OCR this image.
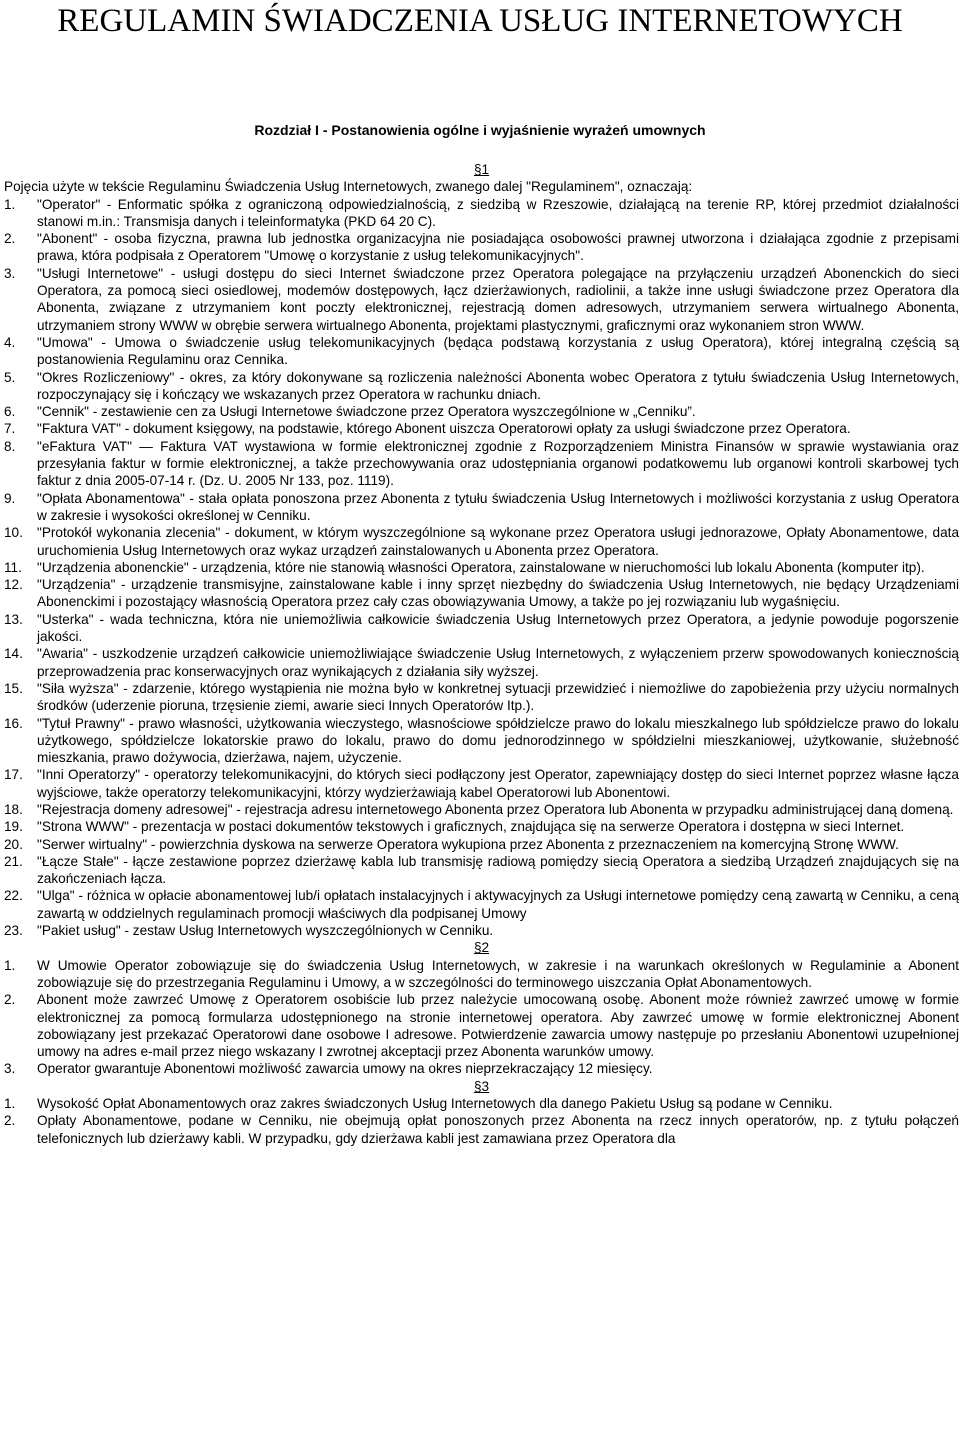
REGULAMIN ŚWIADCZENIA USŁUG INTERNETOWYCH
Rozdział I - Postanowienia ogólne i wyjaśnienie wyrażeń umownych
§1
Pojęcia użyte w tekście Regulaminu Świadczenia Usług Internetowych, zwanego dalej "Regulaminem", oznaczają:
1. "Operator" - Enformatic spółka z ograniczoną odpowiedzialnością, z siedzibą w Rzeszowie, działającą na terenie RP, której przedmiot działalności stanowi m.in.: Transmisja danych i teleinformatyka (PKD 64 20 C).
2. "Abonent" - osoba fizyczna, prawna lub jednostka organizacyjna nie posiadająca osobowości prawnej utworzona i działająca zgodnie z przepisami prawa, która podpisała z Operatorem "Umowę o korzystanie z usług telekomunikacyjnych".
3. "Usługi Internetowe" - usługi dostępu do sieci Internet świadczone przez Operatora polegające na przyłączeniu urządzeń Abonenckich do sieci Operatora, za pomocą sieci osiedlowej, modemów dostępowych, łącz dzierżawionych, radiolinii, a także inne usługi świadczone przez Operatora dla Abonenta, związane z utrzymaniem kont poczty elektronicznej, rejestracją domen adresowych, utrzymaniem serwera wirtualnego Abonenta, utrzymaniem strony WWW w obrębie serwera wirtualnego Abonenta, projektami plastycznymi, graficznymi oraz wykonaniem stron WWW.
4. "Umowa" - Umowa o świadczenie usług telekomunikacyjnych (będąca podstawą korzystania z usług Operatora), której integralną częścią są postanowienia Regulaminu oraz Cennika.
5. "Okres Rozliczeniowy" - okres, za który dokonywane są rozliczenia należności Abonenta wobec Operatora z tytułu świadczenia Usług Internetowych, rozpoczynający się i kończący we wskazanych przez Operatora w rachunku dniach.
6. "Cennik" - zestawienie cen za Usługi Internetowe świadczone przez Operatora wyszczególnione w „Cenniku”.
7. "Faktura VAT" - dokument księgowy, na podstawie, którego Abonent uiszcza Operatorowi opłaty za usługi świadczone przez Operatora.
8. "eFaktura VAT" — Faktura VAT wystawiona w formie elektronicznej zgodnie z Rozporządzeniem Ministra Finansów w sprawie wystawiania oraz przesyłania faktur w formie elektronicznej, a także przechowywania oraz udostępniania organowi podatkowemu lub organowi kontroli skarbowej tych faktur z dnia 2005-07-14 r. (Dz. U. 2005 Nr 133, poz. 1119).
9. "Opłata Abonamentowa" - stała opłata ponoszona przez Abonenta z tytułu świadczenia Usług Internetowych i możliwości korzystania z usług Operatora w zakresie i wysokości określonej w Cenniku.
10. "Protokół wykonania zlecenia" - dokument, w którym wyszczególnione są wykonane przez Operatora usługi jednorazowe, Opłaty Abonamentowe, data uruchomienia Usług Internetowych oraz wykaz urządzeń zainstalowanych u Abonenta przez Operatora.
11. "Urządzenia abonenckie" - urządzenia, które nie stanowią własności Operatora, zainstalowane w nieruchomości lub lokalu Abonenta (komputer itp).
12. "Urządzenia" - urządzenie transmisyjne, zainstalowane kable i inny sprzęt niezbędny do świadczenia Usług Internetowych, nie będący Urządzeniami Abonenckimi i pozostający własnością Operatora przez cały czas obowiązywania Umowy, a także po jej rozwiązaniu lub wygaśnięciu.
13. "Usterka" - wada techniczna, która nie uniemożliwia całkowicie świadczenia Usług Internetowych przez Operatora, a jedynie powoduje pogorszenie jakości.
14. "Awaria" - uszkodzenie urządzeń całkowicie uniemożliwiające świadczenie Usług Internetowych, z wyłączeniem przerw spowodowanych koniecznością przeprowadzenia prac konserwacyjnych oraz wynikających z działania siły wyższej.
15. "Siła wyższa" - zdarzenie, którego wystąpienia nie można było w konkretnej sytuacji przewidzieć i niemożliwe do zapobieżenia przy użyciu normalnych środków (uderzenie pioruna, trzęsienie ziemi, awarie sieci Innych Operatorów Itp.).
16. "Tytuł Prawny" - prawo własności, użytkowania wieczystego, własnościowe spółdzielcze prawo do lokalu mieszkalnego lub spółdzielcze prawo do lokalu użytkowego, spółdzielcze lokatorskie prawo do lokalu, prawo do domu jednorodzinnego w spółdzielni mieszkaniowej, użytkowanie, służebność mieszkania, prawo dożywocia, dzierżawa, najem, użyczenie.
17. "Inni Operatorzy" - operatorzy telekomunikacyjni, do których sieci podłączony jest Operator, zapewniający dostęp do sieci Internet poprzez własne łącza wyjściowe, także operatorzy telekomunikacyjni, którzy wydzierżawiają kabel Operatorowi lub Abonentowi.
18. "Rejestracja domeny adresowej" - rejestracja adresu internetowego Abonenta przez Operatora lub Abonenta w przypadku administrującej daną domeną.
19. "Strona WWW" - prezentacja w postaci dokumentów tekstowych i graficznych, znajdująca się na serwerze Operatora i dostępna w sieci Internet.
20. "Serwer wirtualny" - powierzchnia dyskowa na serwerze Operatora wykupiona przez Abonenta z przeznaczeniem na komercyjną Stronę WWW.
21. "Łącze Stałe" - łącze zestawione poprzez dzierżawę kabla lub transmisję radiową pomiędzy siecią Operatora a siedzibą Urządzeń znajdujących się na zakończeniach łącza.
22. "Ulga" - różnica w opłacie abonamentowej lub/i opłatach instalacyjnych i aktywacyjnych za Usługi internetowe pomiędzy ceną zawartą w Cenniku, a ceną zawartą w oddzielnych regulaminach promocji właściwych dla podpisanej Umowy
23. "Pakiet usług" - zestaw Usług Internetowych wyszczególnionych w Cenniku.
§2
1. W Umowie Operator zobowiązuje się do świadczenia Usług Internetowych, w zakresie i na warunkach określonych w Regulaminie a Abonent zobowiązuje się do przestrzegania Regulaminu i Umowy, a w szczególności do terminowego uiszczania Opłat Abonamentowych.
2. Abonent może zawrzeć Umowę z Operatorem osobiście lub przez należycie umocowaną osobę. Abonent może również zawrzeć umowę w formie elektronicznej za pomocą formularza udostępnionego na stronie internetowej operatora. Aby zawrzeć umowę w formie elektronicznej Abonent zobowiązany jest przekazać Operatorowi dane osobowe I adresowe. Potwierdzenie zawarcia umowy następuje po przesłaniu Abonentowi uzupełnionej umowy na adres e-mail przez niego wskazany I zwrotnej akceptacji przez Abonenta warunków umowy.
3. Operator gwarantuje Abonentowi możliwość zawarcia umowy na okres nieprzekraczający 12 miesięcy.
§3
1. Wysokość Opłat Abonamentowych oraz zakres świadczonych Usług Internetowych dla danego Pakietu Usług są podane w Cenniku.
2. Opłaty Abonamentowe, podane w Cenniku, nie obejmują opłat ponoszonych przez Abonenta na rzecz innych operatorów, np. z tytułu połączeń telefonicznych lub dzierżawy kabli. W przypadku, gdy dzierżawa kabli jest zamawiana przez Operatora dla
